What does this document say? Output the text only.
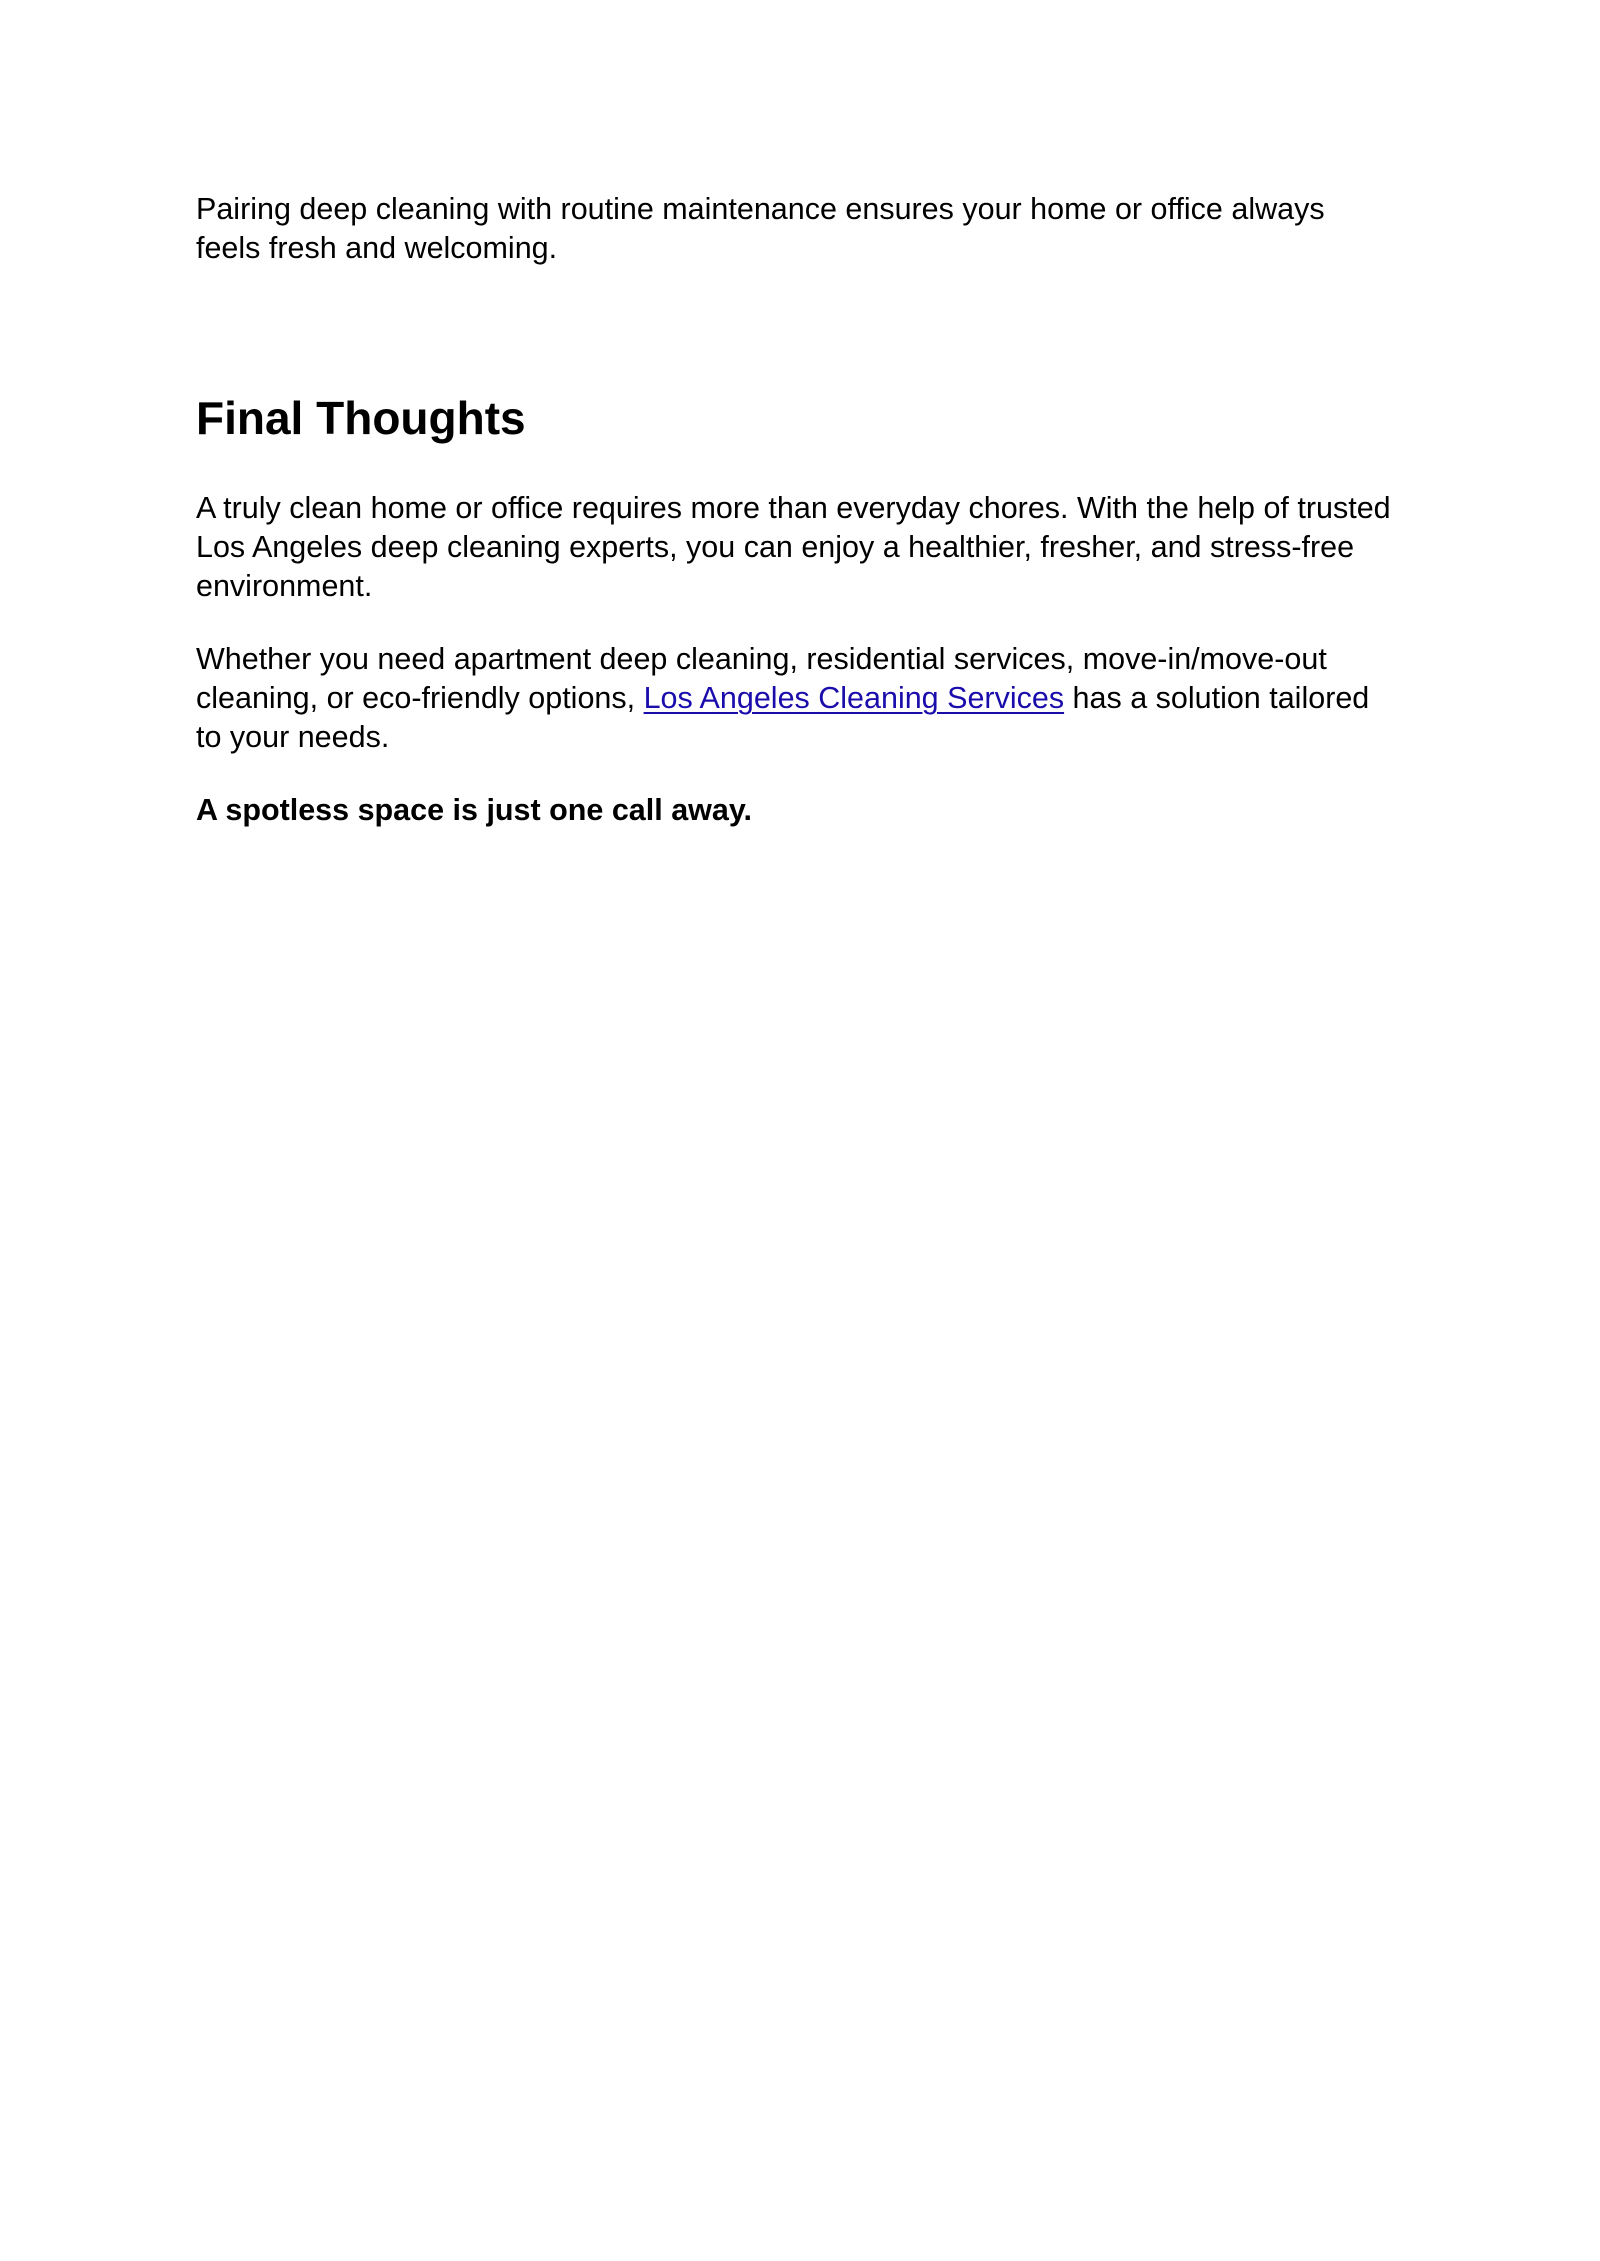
Pairing deep cleaning with routine maintenance ensures your home or office always feels fresh and welcoming.

Final Thoughts

A truly clean home or office requires more than everyday chores. With the help of trusted Los Angeles deep cleaning experts, you can enjoy a healthier, fresher, and stress-free environment.

Whether you need apartment deep cleaning, residential services, move-in/move-out cleaning, or eco-friendly options, Los Angeles Cleaning Services has a solution tailored to your needs.

A spotless space is just one call away.
